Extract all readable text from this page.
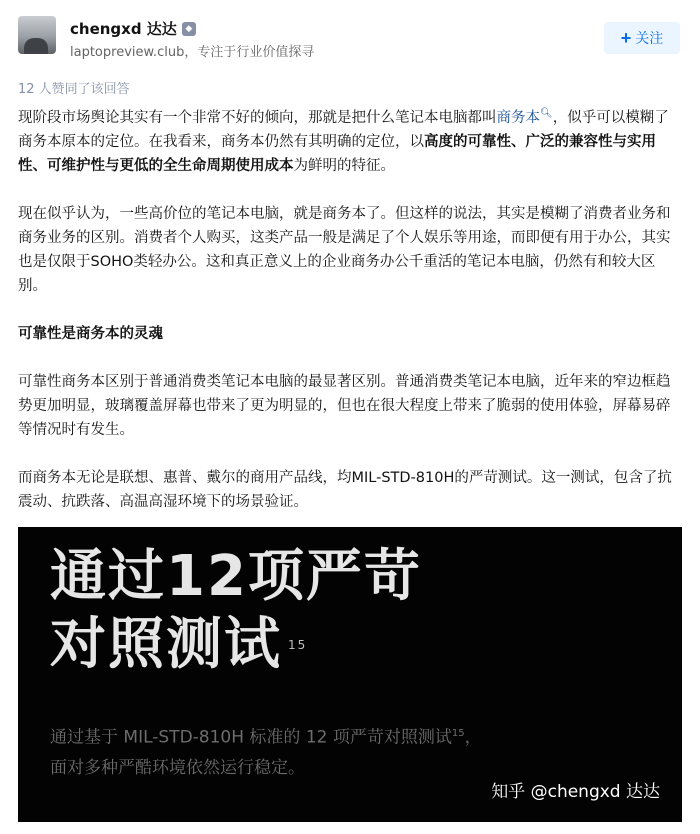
chengxd 达达 ◆
laptopreview.club，专注于行业价值探寻
+ 关注
12 人赞同了该回答

现阶段市场舆论其实有一个非常不好的倾向，那就是把什么笔记本电脑都叫商务本🔍︎，似乎可以模糊了商务本原本的定位。在我看来，商务本仍然有其明确的定位，以高度的可靠性、广泛的兼容性与实用性、可维护性与更低的全生命周期使用成本为鲜明的特征。

现在似乎认为，一些高价位的笔记本电脑，就是商务本了。但这样的说法，其实是模糊了消费者业务和商务业务的区别。消费者个人购买，这类产品一般是满足了个人娱乐等用途，而即便有用于办公，其实也是仅限于SOHO类轻办公。这和真正意义上的企业商务办公千重活的笔记本电脑，仍然有和较大区别。

可靠性是商务本的灵魂

可靠性商务本区别于普通消费类笔记本电脑的最显著区别。普通消费类笔记本电脑，近年来的窄边框趋势更加明显，玻璃覆盖屏幕也带来了更为明显的，但也在很大程度上带来了脆弱的使用体验，屏幕易碎等情况时有发生。

而商务本无论是联想、惠普、戴尔的商用产品线，均MIL-STD-810H的严苛测试。这一测试，包含了抗震动、抗跌落、高温高湿环境下的场景验证。

通过12项严苛
对照测试 $^{15}$
通过基于 MIL-STD-810H 标准的 12 项严苛对照测试$^{15}$，
面对多种严酷环境依然运行稳定。
知乎 @chengxd 达达
